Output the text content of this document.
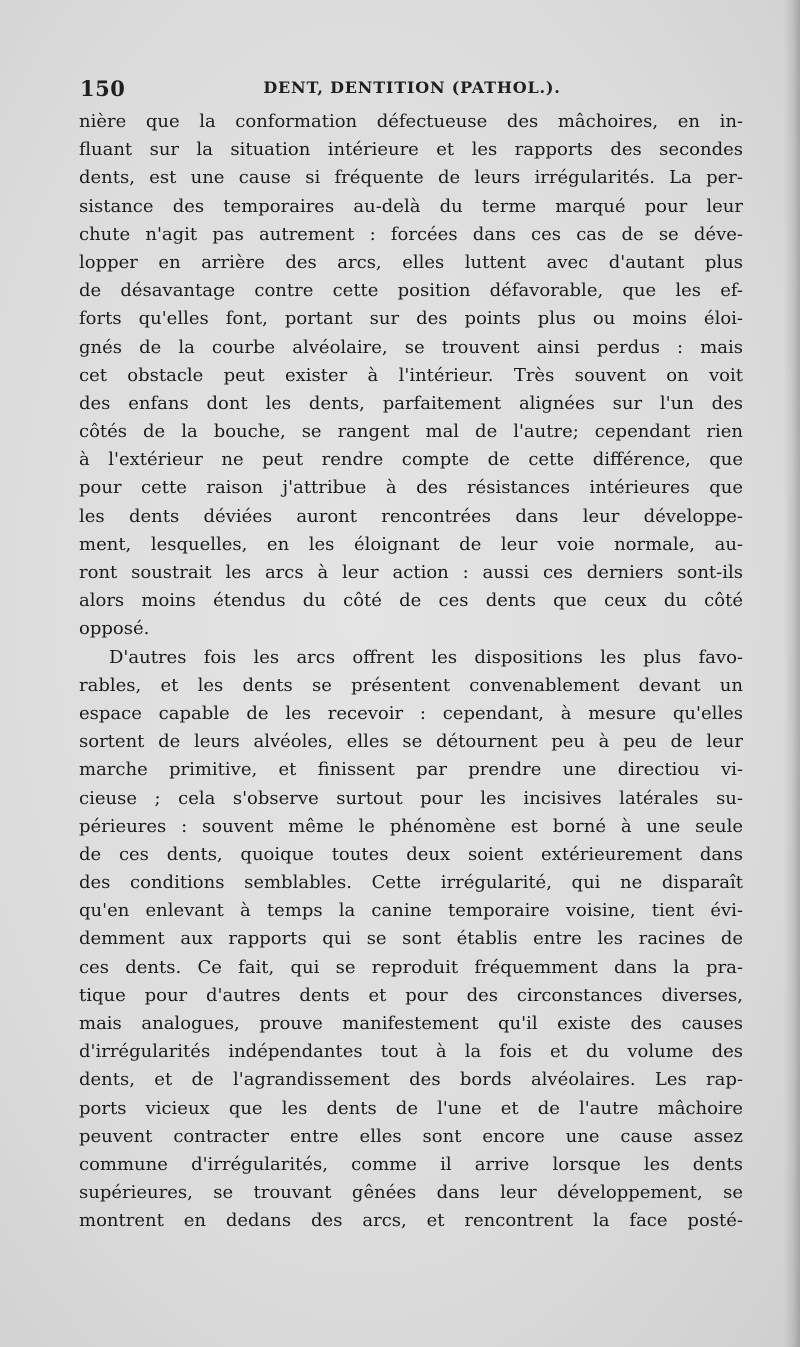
150	DENT, DENTITION (PATHOL.).
nière que la conformation défectueuse des mâchoires, en in-
fluant sur la situation intérieure et les rapports des secondes
dents, est une cause si fréquente de leurs irrégularités. La per-
sistance des temporaires au-delà du terme marqué pour leur
chute n'agit pas autrement : forcées dans ces cas de se déve-
lopper en arrière des arcs, elles luttent avec d'autant plus
de désavantage contre cette position défavorable, que les ef-
forts qu'elles font, portant sur des points plus ou moins éloi-
gnés de la courbe alvéolaire, se trouvent ainsi perdus : mais
cet obstacle peut exister à l'intérieur. Très souvent on voit
des enfans dont les dents, parfaitement alignées sur l'un des
côtés de la bouche, se rangent mal de l'autre; cependant rien
à l'extérieur ne peut rendre compte de cette différence, que
pour cette raison j'attribue à des résistances intérieures que
les dents déviées auront rencontrées dans leur développe-
ment, lesquelles, en les éloignant de leur voie normale, au-
ront soustrait les arcs à leur action : aussi ces derniers sont-ils
alors moins étendus du côté de ces dents que ceux du côté
opposé.
D'autres fois les arcs offrent les dispositions les plus favo-
rables, et les dents se présentent convenablement devant un
espace capable de les recevoir : cependant, à mesure qu'elles
sortent de leurs alvéoles, elles se détournent peu à peu de leur
marche primitive, et finissent par prendre une directiou vi-
cieuse ; cela s'observe surtout pour les incisives latérales su-
périeures : souvent même le phénomène est borné à une seule
de ces dents, quoique toutes deux soient extérieurement dans
des conditions semblables. Cette irrégularité, qui ne disparaît
qu'en enlevant à temps la canine temporaire voisine, tient évi-
demment aux rapports qui se sont établis entre les racines de
ces dents. Ce fait, qui se reproduit fréquemment dans la pra-
tique pour d'autres dents et pour des circonstances diverses,
mais analogues, prouve manifestement qu'il existe des causes
d'irrégularités indépendantes tout à la fois et du volume des
dents, et de l'agrandissement des bords alvéolaires. Les rap-
ports vicieux que les dents de l'une et de l'autre mâchoire
peuvent contracter entre elles sont encore une cause assez
commune d'irrégularités, comme il arrive lorsque les dents
supérieures, se trouvant gênées dans leur développement, se
montrent en dedans des arcs, et rencontrent la face posté-
